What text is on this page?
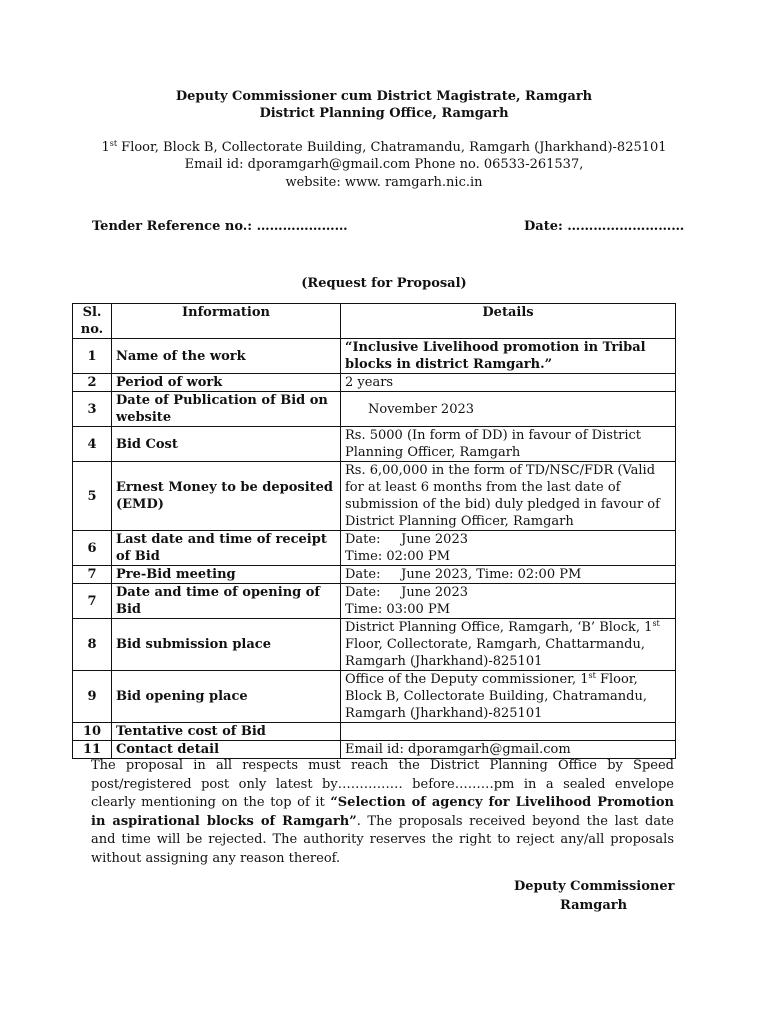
Deputy Commissioner cum District Magistrate, Ramgarh
District Planning Office, Ramgarh
1st Floor, Block B, Collectorate Building, Chatramandu, Ramgarh (Jharkhand)-825101
Email id: dporamgarh@gmail.com Phone no. 06533-261537,
website: www. ramgarh.nic.in
Tender Reference no.: …………………	Date: ………………………
(Request for Proposal)
Sl.
no.	Information	Details
1	Name of the work	“Inclusive Livelihood promotion in Tribal blocks in district Ramgarh.”
2	Period of work	2 years
3	Date of Publication of Bid on website	November 2023
4	Bid Cost	Rs. 5000 (In form of DD) in favour of District Planning Officer, Ramgarh
5	Ernest Money to be deposited (EMD)	Rs. 6,00,000 in the form of TD/NSC/FDR (Valid for at least 6 months from the last date of submission of the bid) duly pledged in favour of District Planning Officer, Ramgarh
6	Last date and time of receipt of Bid	Date:     June 2023
Time: 02:00 PM
7	Pre-Bid meeting	Date:     June 2023, Time: 02:00 PM
7	Date and time of opening of Bid	Date:     June 2023
Time: 03:00 PM
8	Bid submission place	District Planning Office, Ramgarh, ‘B’ Block, 1st
Floor, Collectorate, Ramgarh, Chattarmandu, Ramgarh (Jharkhand)-825101
9	Bid opening place	Office of the Deputy commissioner, 1st Floor, Block B, Collectorate Building, Chatramandu, Ramgarh (Jharkhand)-825101
10	Tentative cost of Bid	
11	Contact detail	Email id: dporamgarh@gmail.com
The proposal in all respects must reach the District Planning Office by Speed post/registered post only latest by…………… before………pm in a sealed envelope clearly mentioning on the top of it “Selection of agency for Livelihood Promotion in aspirational blocks of Ramgarh”. The proposals received beyond the last date and time will be rejected. The authority reserves the right to reject any/all proposals without assigning any reason thereof.
Deputy Commissioner
Ramgarh
